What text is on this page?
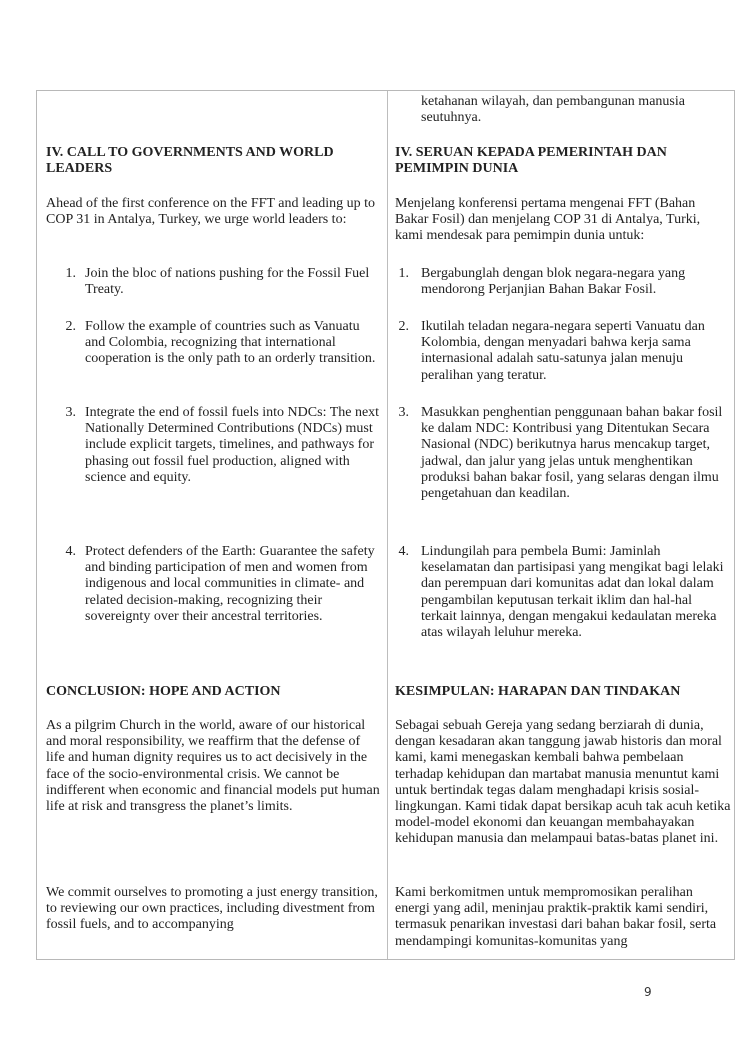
IV. CALL TO GOVERNMENTS AND WORLD LEADERS

Ahead of the first conference on the FFT and leading up to COP 31 in Antalya, Turkey, we urge world leaders to:

1. Join the bloc of nations pushing for the Fossil Fuel Treaty.
2. Follow the example of countries such as Vanuatu and Colombia, recognizing that international cooperation is the only path to an orderly transition.
3. Integrate the end of fossil fuels into NDCs: The next Nationally Determined Contributions (NDCs) must include explicit targets, timelines, and pathways for phasing out fossil fuel production, aligned with science and equity.
4. Protect defenders of the Earth: Guarantee the safety and binding participation of men and women from indigenous and local communities in climate- and related decision-making, recognizing their sovereignty over their ancestral territories.

CONCLUSION: HOPE AND ACTION

As a pilgrim Church in the world, aware of our historical and moral responsibility, we reaffirm that the defense of life and human dignity requires us to act decisively in the face of the socio-environmental crisis. We cannot be indifferent when economic and financial models put human life at risk and transgress the planet’s limits.

We commit ourselves to promoting a just energy transition, to reviewing our own practices, including divestment from fossil fuels, and to accompanying

ketahanan wilayah, dan pembangunan manusia seutuhnya.

IV. SERUAN KEPADA PEMERINTAH DAN PEMIMPIN DUNIA

Menjelang konferensi pertama mengenai FFT (Bahan Bakar Fosil) dan menjelang COP 31 di Antalya, Turki, kami mendesak para pemimpin dunia untuk:

1. Bergabunglah dengan blok negara-negara yang mendorong Perjanjian Bahan Bakar Fosil.
2. Ikutilah teladan negara-negara seperti Vanuatu dan Kolombia, dengan menyadari bahwa kerja sama internasional adalah satu-satunya jalan menuju peralihan yang teratur.
3. Masukkan penghentian penggunaan bahan bakar fosil ke dalam NDC: Kontribusi yang Ditentukan Secara Nasional (NDC) berikutnya harus mencakup target, jadwal, dan jalur yang jelas untuk menghentikan produksi bahan bakar fosil, yang selaras dengan ilmu pengetahuan dan keadilan.
4. Lindungilah para pembela Bumi: Jaminlah keselamatan dan partisipasi yang mengikat bagi lelaki dan perempuan dari komunitas adat dan lokal dalam pengambilan keputusan terkait iklim dan hal-hal terkait lainnya, dengan mengakui kedaulatan mereka atas wilayah leluhur mereka.

KESIMPULAN: HARAPAN DAN TINDAKAN

Sebagai sebuah Gereja yang sedang berziarah di dunia, dengan kesadaran akan tanggung jawab historis dan moral kami, kami menegaskan kembali bahwa pembelaan terhadap kehidupan dan martabat manusia menuntut kami untuk bertindak tegas dalam menghadapi krisis sosial-lingkungan. Kami tidak dapat bersikap acuh tak acuh ketika model-model ekonomi dan keuangan membahayakan kehidupan manusia dan melampaui batas-batas planet ini.

Kami berkomitmen untuk mempromosikan peralihan energi yang adil, meninjau praktik-praktik kami sendiri, termasuk penarikan investasi dari bahan bakar fosil, serta mendampingi komunitas-komunitas yang

9
